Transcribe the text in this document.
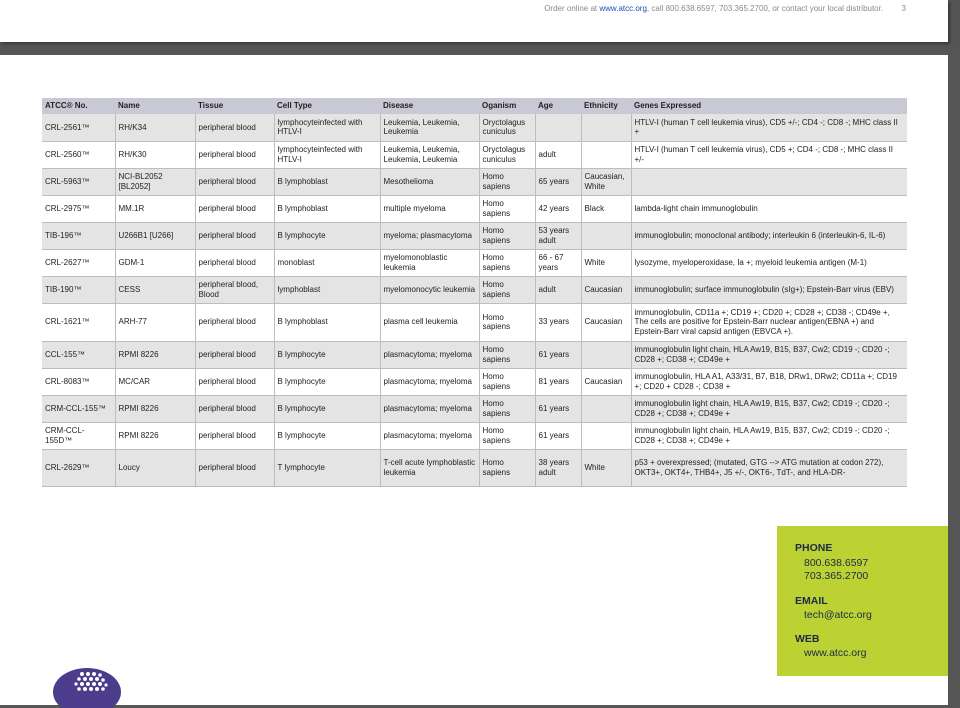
Order online at www.atcc.org, call 800.638.6597, 703.365.2700, or contact your local distributor. 3
ATCC® No.	Name	Tissue	Cell Type	Disease	Oganism	Age	Ethnicity	Genes Expressed
CRL-2561™	RH/K34	peripheral blood	lymphocyteinfected with HTLV-I	Leukemia, Leukemia, Leukemia	Oryctolagus cuniculus			HTLV-I (human T cell leukemia virus), CD5 +/-; CD4 -; CD8 -; MHC class II +
CRL-2560™	RH/K30	peripheral blood	lymphocyteinfected with HTLV-I	Leukemia, Leukemia, Leukemia, Leukemia	Oryctolagus cuniculus	adult		HTLV-I (human T cell leukemia virus), CD5 +; CD4 -; CD8 -; MHC class II +/-
CRL-5963™	NCI-BL2052 [BL2052]	peripheral blood	B lymphoblast	Mesothelioma	Homo sapiens	65 years	Caucasian, White	
CRL-2975™	MM.1R	peripheral blood	B lymphoblast	multiple myeloma	Homo sapiens	42 years	Black	lambda-light chain immunoglobulin
TIB-196™	U266B1 [U266]	peripheral blood	B lymphocyte	myeloma; plasmacytoma	Homo sapiens	53 years adult		immunoglobulin; monoclonal antibody; interleukin 6 (interleukin-6, IL-6)
CRL-2627™	GDM-1	peripheral blood	monoblast	myelomonoblastic leukemia	Homo sapiens	66 - 67 years	White	lysozyme, myeloperoxidase, Ia +; myeloid leukemia antigen (M-1)
TIB-190™	CESS	peripheral blood, Blood	lymphoblast	myelomonocytic leukemia	Homo sapiens	adult	Caucasian	immunoglobulin; surface immunoglobulin (sIg+); Epstein-Barr virus (EBV)
CRL-1621™	ARH-77	peripheral blood	B lymphoblast	plasma cell leukemia	Homo sapiens	33 years	Caucasian	immunoglobulin, CD11a +; CD19 +; CD20 +; CD28 +; CD38 -; CD49e +, The cells are positive for Epstein-Barr nuclear antigen(EBNA +) and Epstein-Barr viral capsid antigen (EBVCA +).
CCL-155™	RPMI 8226	peripheral blood	B lymphocyte	plasmacytoma; myeloma	Homo sapiens	61 years		immunoglobulin light chain, HLA Aw19, B15, B37, Cw2; CD19 -; CD20 -; CD28 +; CD38 +; CD49e +
CRL-8083™	MC/CAR	peripheral blood	B lymphocyte	plasmacytoma; myeloma	Homo sapiens	81 years	Caucasian	immunoglobulin, HLA A1, A33/31, B7, B18, DRw1, DRw2; CD11a +; CD19 +; CD20 + CD28 -; CD38 +
CRM-CCL-155™	RPMI 8226	peripheral blood	B lymphocyte	plasmacytoma; myeloma	Homo sapiens	61 years		immunoglobulin light chain, HLA Aw19, B15, B37, Cw2; CD19 -; CD20 -; CD28 +; CD38 +; CD49e +
CRM-CCL-155D™	RPMI 8226	peripheral blood	B lymphocyte	plasmacytoma; myeloma	Homo sapiens	61 years		immunoglobulin light chain, HLA Aw19, B15, B37, Cw2; CD19 -; CD20 -; CD28 +; CD38 +; CD49e +
CRL-2629™	Loucy	peripheral blood	T lymphocyte	T-cell acute lymphoblastic leukemia	Homo sapiens	38 years adult	White	p53 + overexpressed; (mutated, GTG --> ATG mutation at codon 272), OKT3+, OKT4+, THB4+, J5 +/-, OKT6-, TdT-, and HLA-DR-
PHONE
800.638.6597
703.365.2700
EMAIL
tech@atcc.org
WEB
www.atcc.org
